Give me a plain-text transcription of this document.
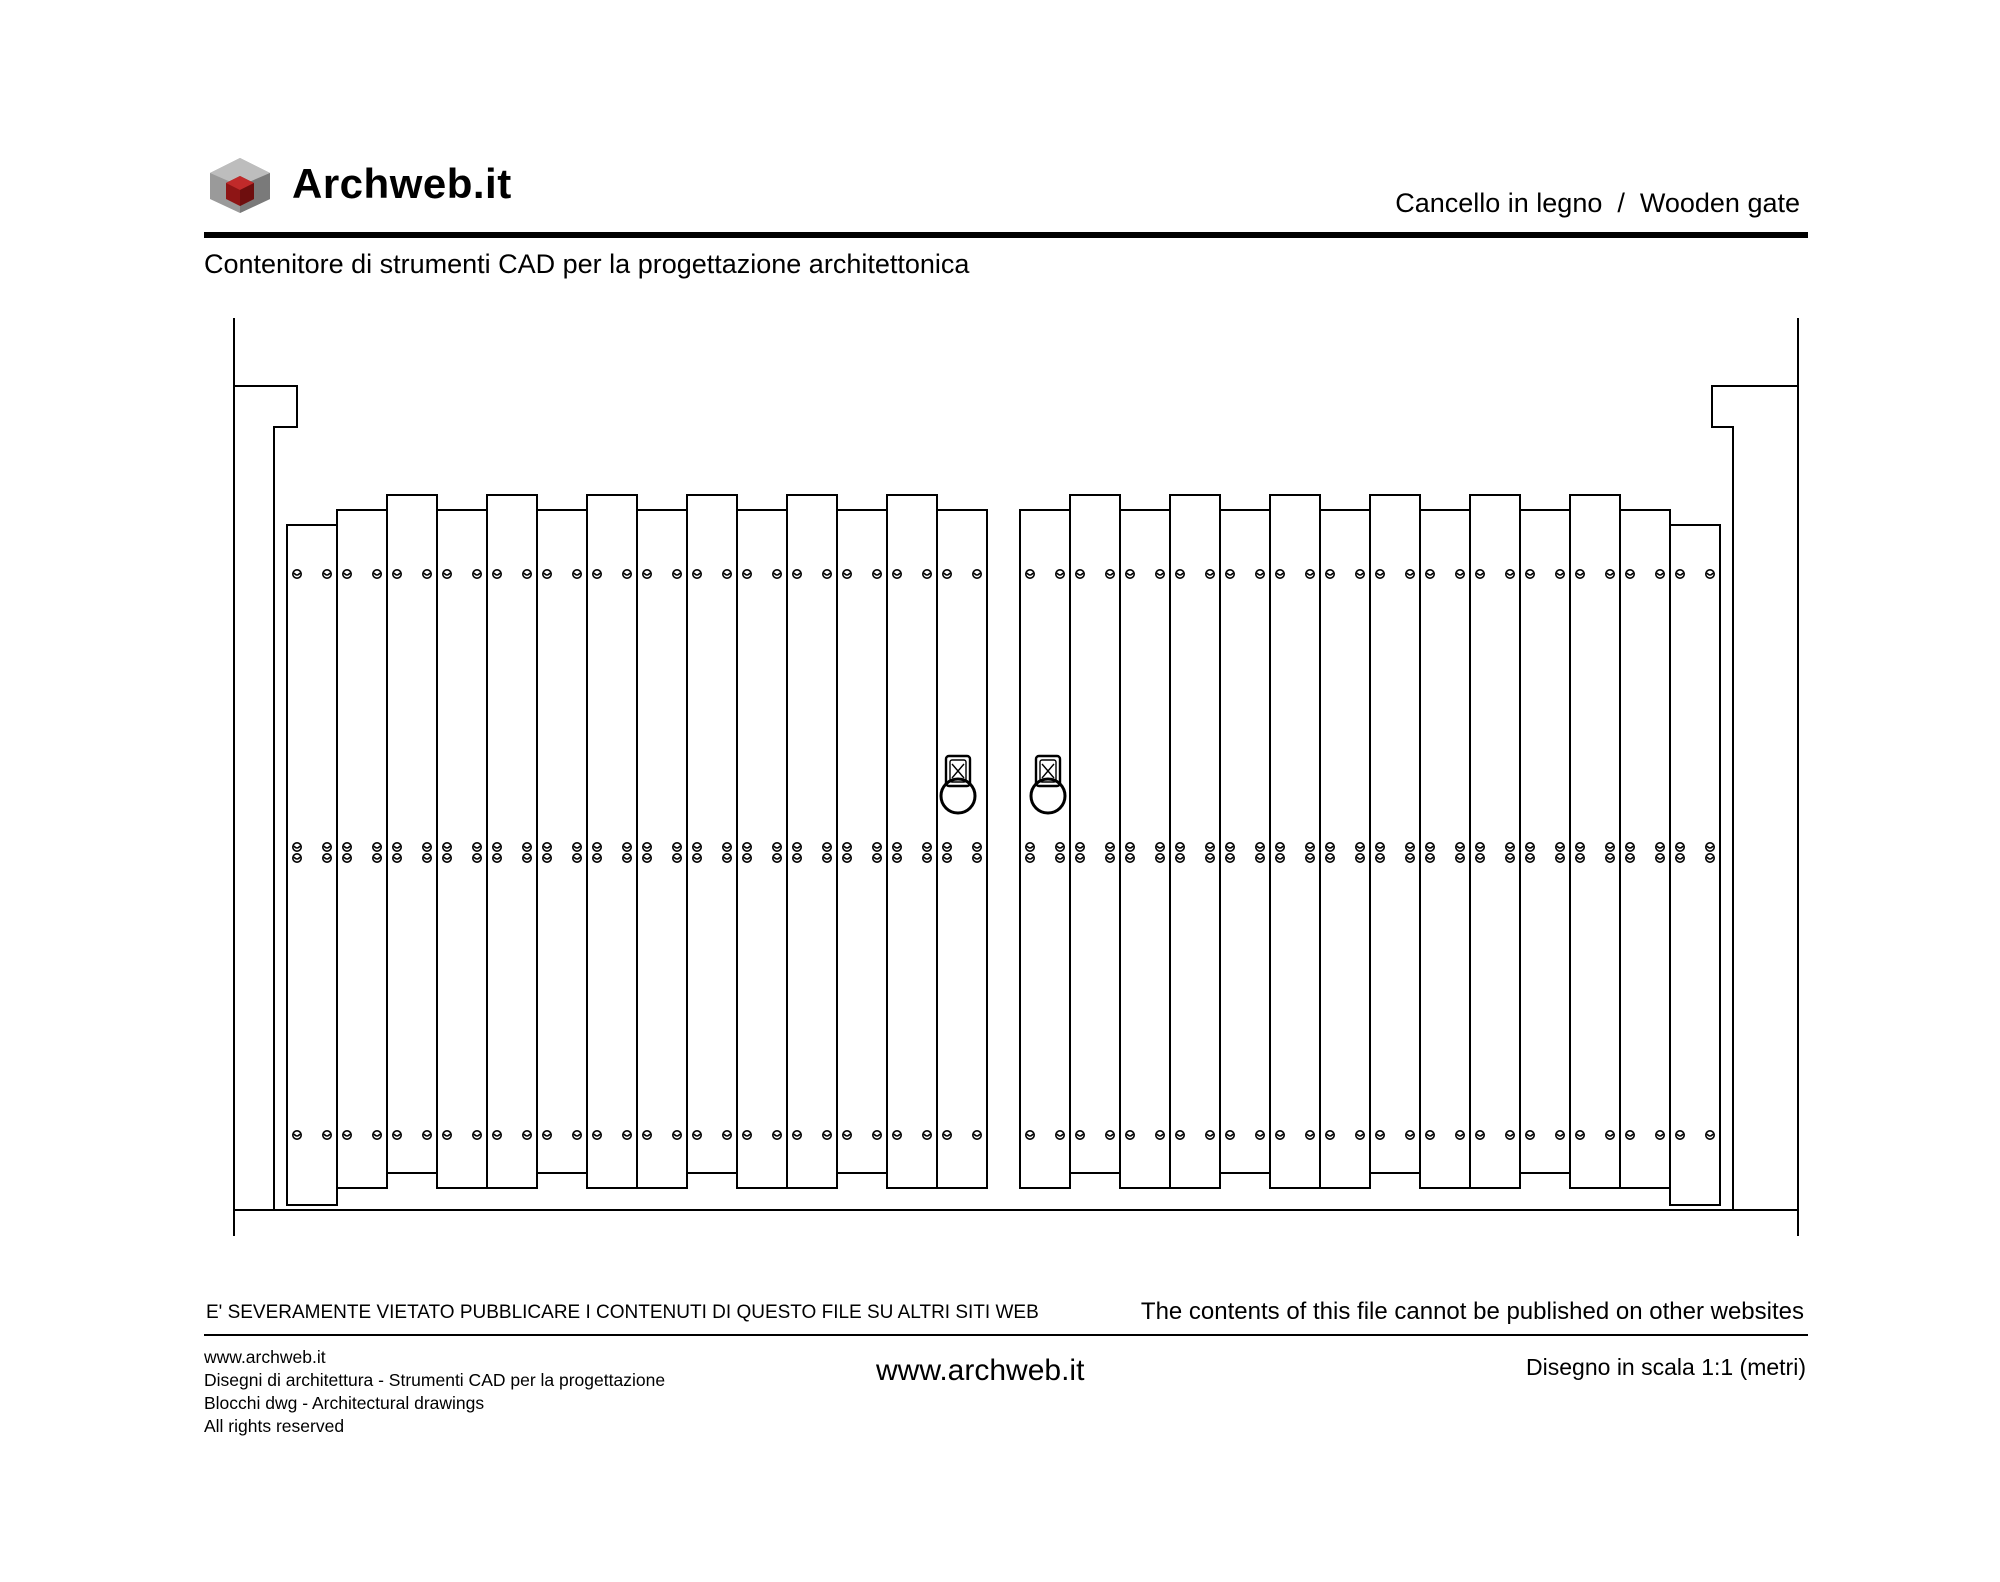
Archweb.it	Cancello in legno  /  Wooden gate
Contenitore di strumenti CAD per la progettazione architettonica
E' SEVERAMENTE VIETATO PUBBLICARE I CONTENUTI DI QUESTO FILE SU ALTRI SITI WEB	The contents of this file cannot be published on other websites
www.archweb.it
Disegni di architettura - Strumenti CAD per la progettazione
Blocchi dwg - Architectural drawings
All rights reserved
www.archweb.it	Disegno in scala 1:1 (metri)
